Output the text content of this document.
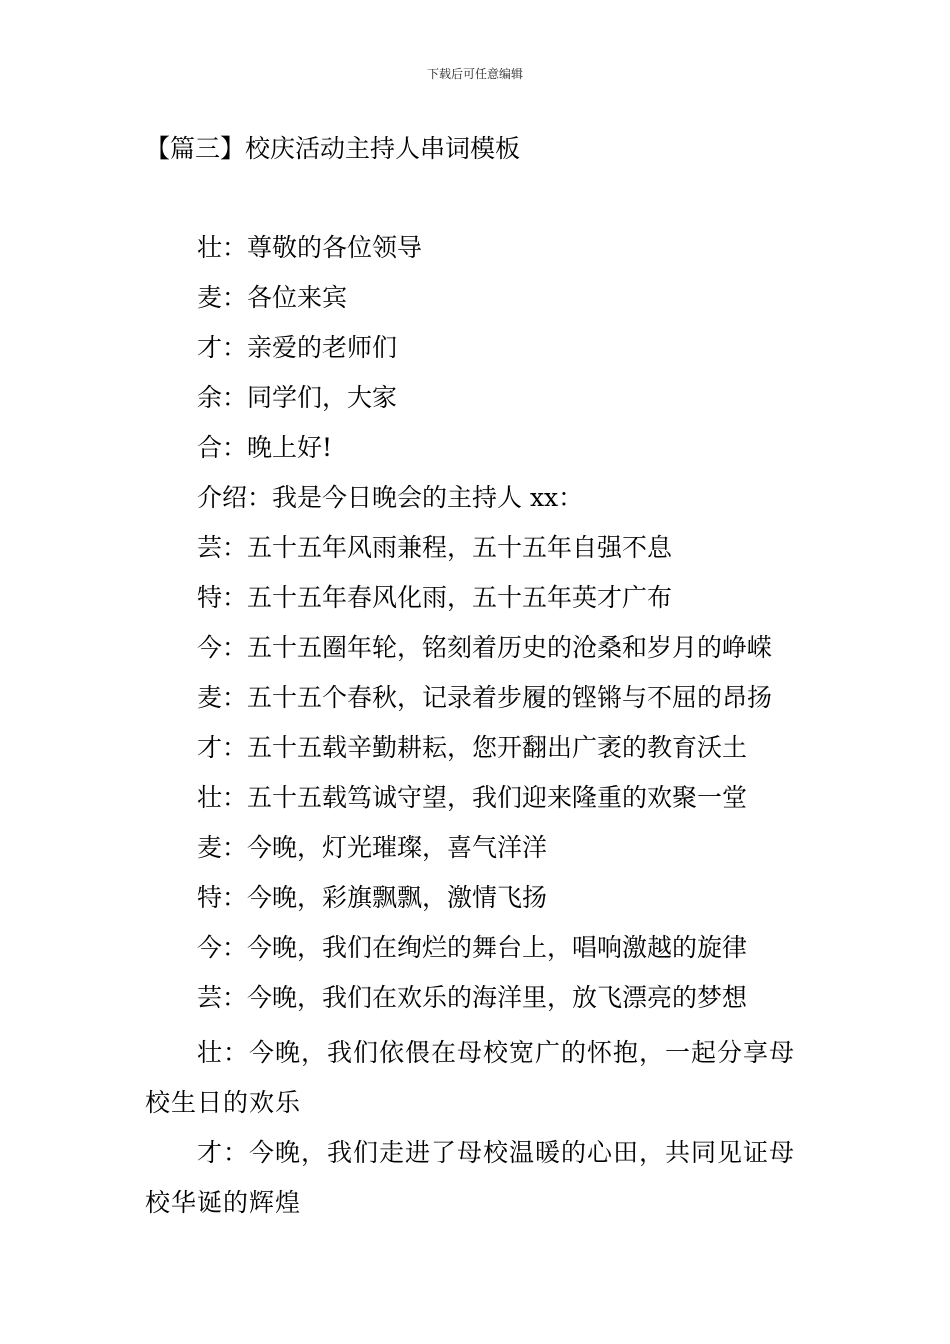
下载后可任意编辑
【篇三】校庆活动主持人串词模板
壮：尊敬的各位领导
麦：各位来宾
才：亲爱的老师们
余：同学们，大家
合：晚上好!
介绍：我是今日晚会的主持人 xx：
芸：五十五年风雨兼程，五十五年自强不息
特：五十五年春风化雨，五十五年英才广布
今：五十五圈年轮，铭刻着历史的沧桑和岁月的峥嵘
麦：五十五个春秋，记录着步履的铿锵与不屈的昂扬
才：五十五载辛勤耕耘，您开翻出广袤的教育沃土
壮：五十五载笃诚守望，我们迎来隆重的欢聚一堂
麦：今晚，灯光璀璨，喜气洋洋
特：今晚，彩旗飘飘，激情飞扬
今：今晚，我们在绚烂的舞台上，唱响激越的旋律
芸：今晚，我们在欢乐的海洋里，放飞漂亮的梦想
壮：今晚，我们依偎在母校宽广的怀抱，一起分享母校生日的欢乐
才：今晚，我们走进了母校温暖的心田，共同见证母校华诞的辉煌
